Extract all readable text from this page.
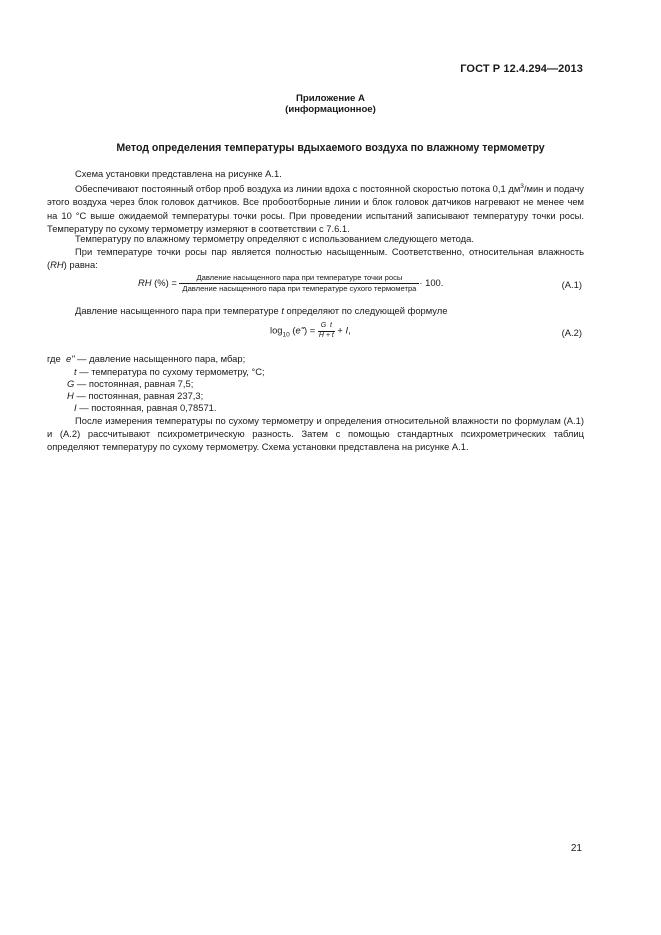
ГОСТ Р 12.4.294—2013
Приложение А
(информационное)
Метод определения температуры вдыхаемого воздуха по влажному термометру
Схема установки представлена на рисунке А.1.
Обеспечивают постоянный отбор проб воздуха из линии вдоха с постоянной скоростью потока 0,1 $дм^3$/мин и подачу этого воздуха через блок головок датчиков. Все пробоотборные линии и блок головок датчиков нагревают не менее чем на 10 °С выше ожидаемой температуры точки росы. При проведении испытаний записывают температуру точки росы. Температуру по сухому термометру измеряют в соответствии с 7.6.1.
Температуру по влажному термометру определяют с использованием следующего метода.
При температуре точки росы пар является полностью насыщенным. Соответственно, относительная влажность (RH) равна:
RH (%) = $\frac{\text{Давление насыщенного пара при температуре точки росы}}{\text{Давление насыщенного пара при температуре сухого термометра}} \cdot 100$.	(А.1)
Давление насыщенного пара при температуре t определяют по следующей формуле
$\log_{10}$ (e") = $\frac{\text{G t}}{H + t} + I$,	(А.2)
где e" — давление насыщенного пара, мбар;
t — температура по сухому термометру, °С;
G — постоянная, равная 7,5;
H — постоянная, равная 237,3;
I — постоянная, равная 0,78571.
После измерения температуры по сухому термометру и определения относительной влажности по формулам (А.1) и (А.2) рассчитывают психрометрическую разность. Затем с помощью стандартных психрометрических таблиц определяют температуру по сухому термометру. Схема установки представлена на рисунке А.1.
21
